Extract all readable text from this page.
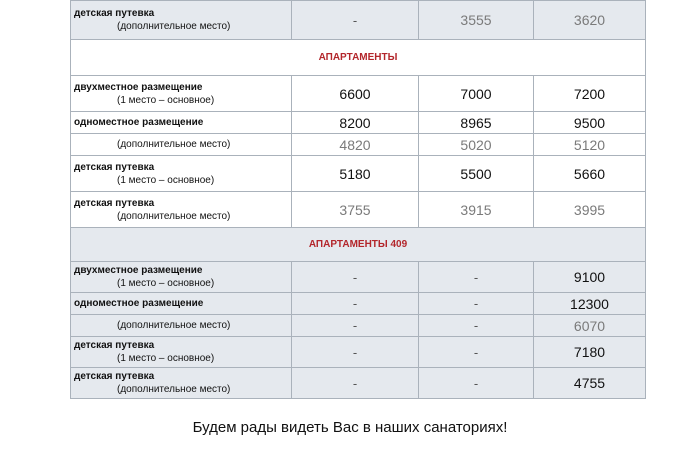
детская путевка
(дополнительное место)	-	3555	3620
АПАРТАМЕНТЫ			

двухместное размещение
(1 место – основное)	6600	7000	7200

одноместное размещение	8200	8965	9500

(дополнительное место)	4820	5020	5120

детская путевка
(1 место – основное)	5180	5500	5660

детская путевка
(дополнительное место)	3755	3915	3995
АПАРТАМЕНТЫ 409			

двухместное размещение
(1 место – основное)	-	-	9100

одноместное размещение	-	-	12300

(дополнительное место)	-	-	6070

детская путевка
(1 место – основное)	-	-	7180

детская путевка
(дополнительное место)	-	-	4755
Будем рады видеть Вас в наших санаториях!
